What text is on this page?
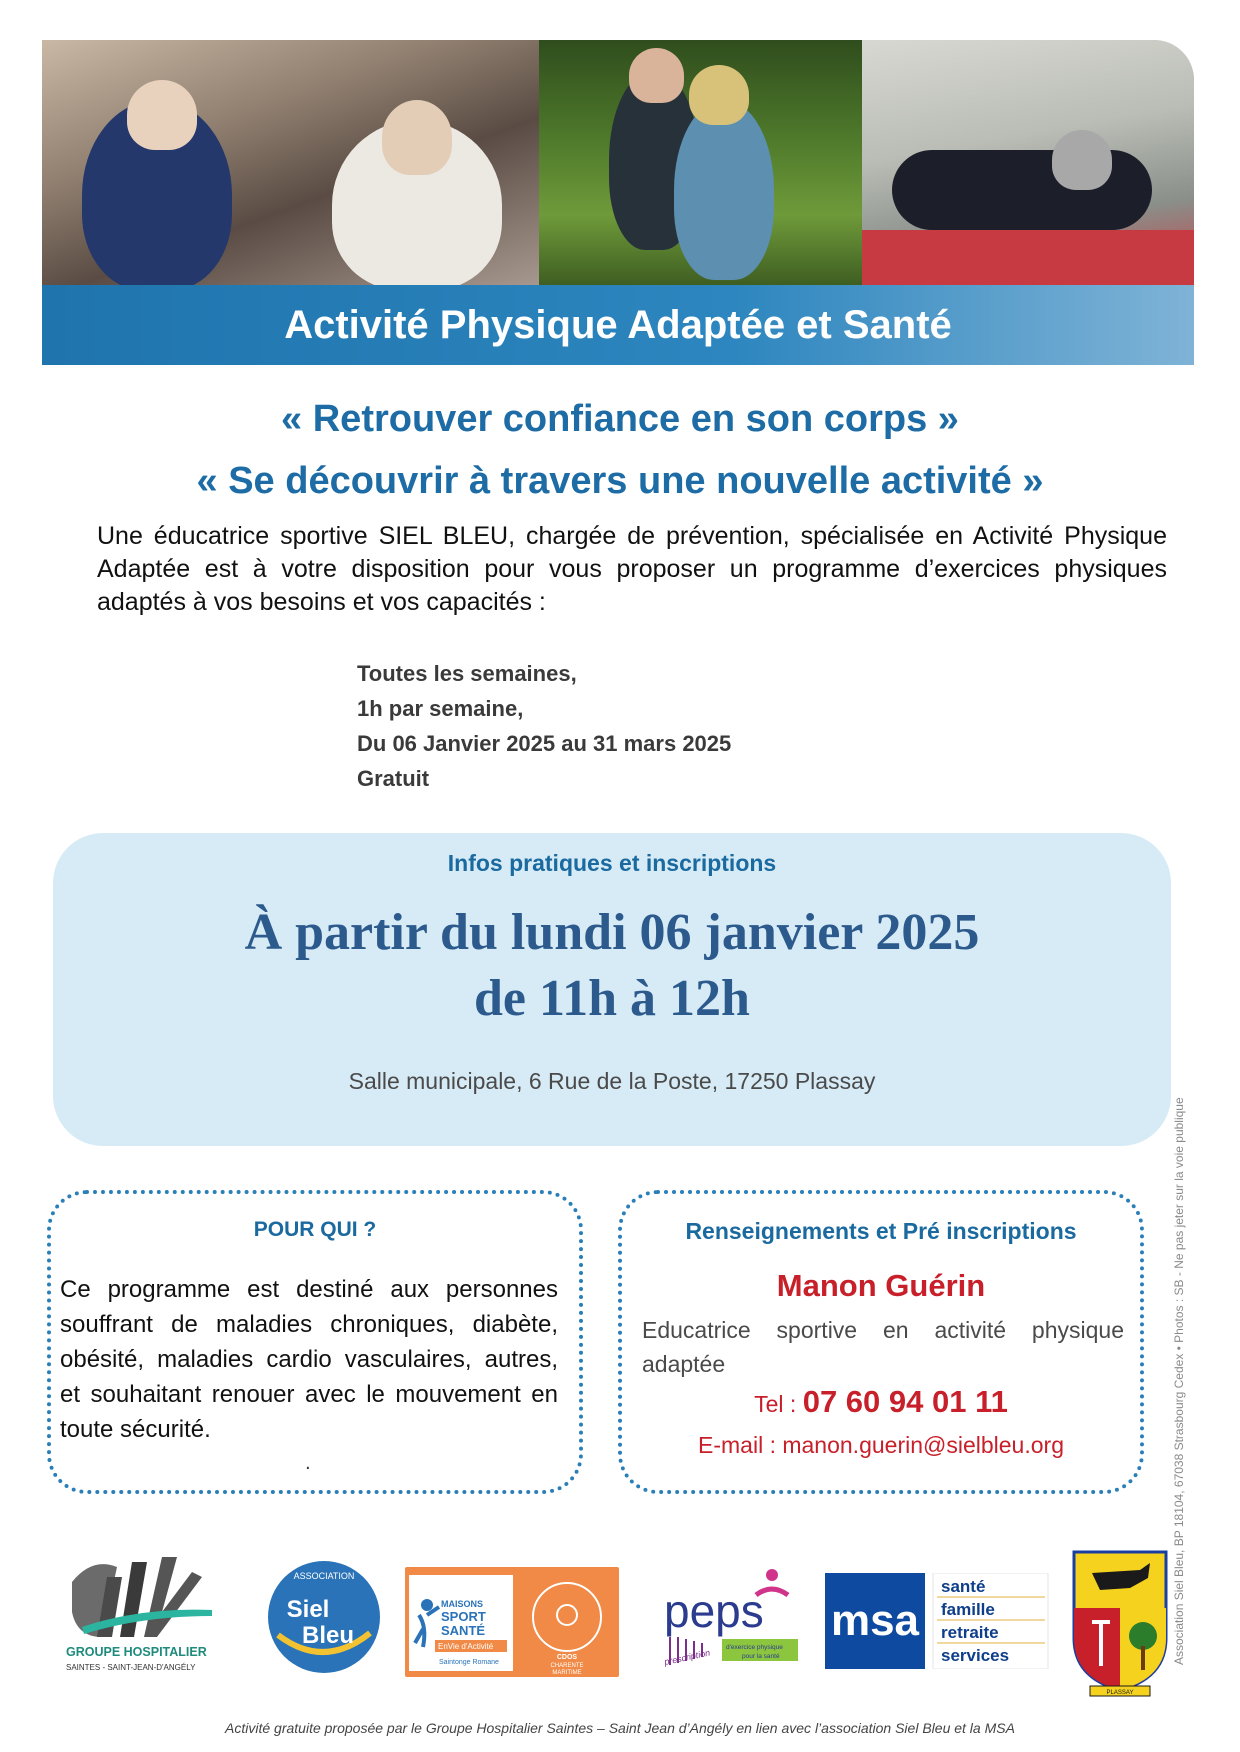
Activité Physique Adaptée et Santé
« Retrouver confiance en son corps »
« Se découvrir à travers une nouvelle activité »
Une éducatrice sportive SIEL BLEU, chargée de prévention, spécialisée en Activité Physique Adaptée est à votre disposition pour vous proposer un programme d’exercices physiques adaptés à vos besoins et vos capacités :
Toutes les semaines,
1h par semaine,
Du 06 Janvier 2025 au 31 mars 2025
Gratuit
Infos pratiques et inscriptions
À partir du lundi 06 janvier 2025
de 11h à 12h
Salle municipale, 6 Rue de la Poste, 17250 Plassay
POUR QUI ?
Ce programme est destiné aux personnes souffrant de maladies chroniques, diabète, obésité, maladies cardio vasculaires, autres, et souhaitant renouer avec le mouvement en toute sécurité.
.
Renseignements et Pré inscriptions
Manon Guérin
Educatrice sportive en activité physique adaptée
Tel : 07 60 94 01 11
E-mail : manon.guerin@sielbleu.org	Association Siel Bleu, BP 18104, 67038 Strasbourg Cedex • Photos : SB - Ne pas jeter sur la voie publique
GROUPE HOSPITALIER
SAINTES - SAINT-JEAN-D'ANGÉLY
ASSOCIATION
Siel
Bleu
MAISONS
SPORT
SANTÉ
EnVie d'Activité
Saintonge Romane
CDOS
CHARENTE
MARITIME
peps
prescription
d'exercice physique
pour la santé
msa
santé
famille
retraite
services
PLASSAY
Activité gratuite proposée par le Groupe Hospitalier Saintes – Saint Jean d’Angély en lien avec l’association Siel Bleu et la MSA
